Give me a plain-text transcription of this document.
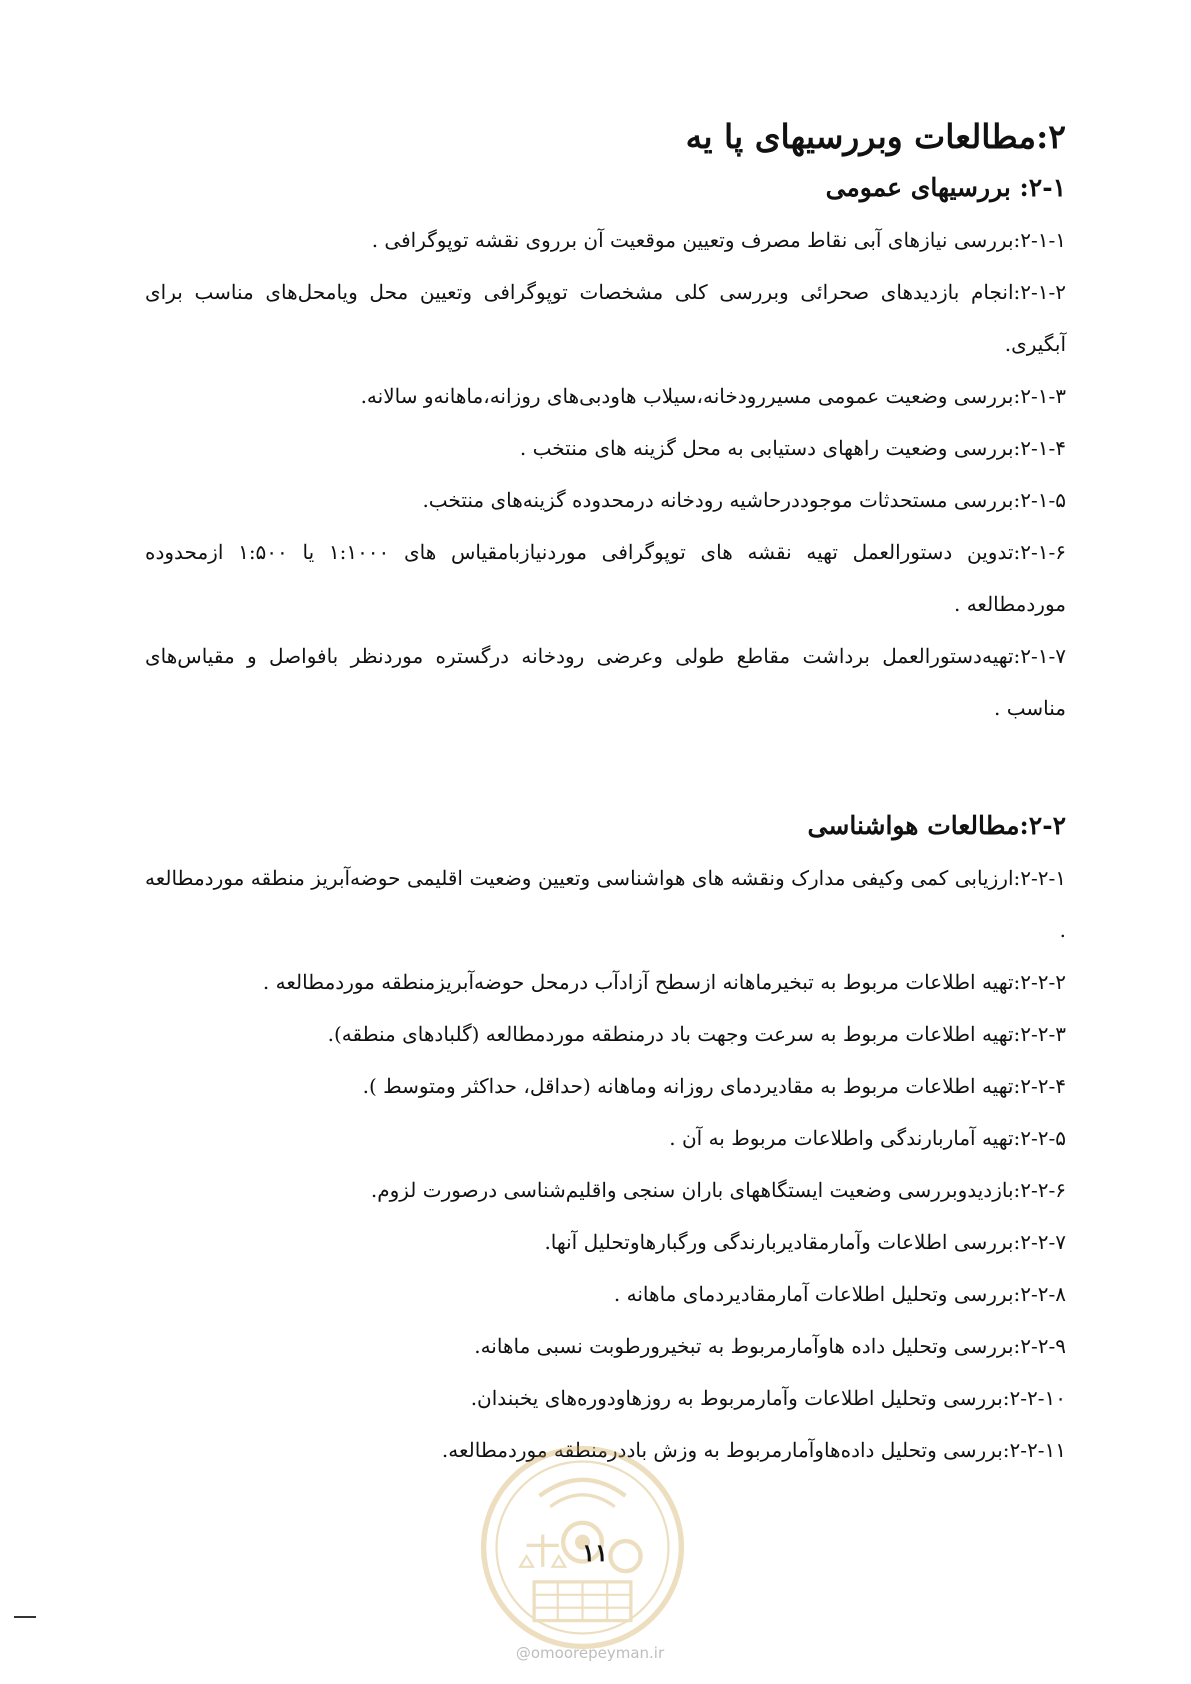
۲:مطالعات وبررسیهای پا یه
۲-۱: بررسیهای عمومی

۲-۱-۱:بررسی نیازهای آبی نقاط مصرف وتعیین موقعیت آن برروی نقشه توپوگرافی .

۲-۱-۲:انجام بازدیدهای صحرائی وبررسی کلی مشخصات توپوگرافی وتعیین محل ویامحل‌های مناسب برای آبگیری.

۲-۱-۳:بررسی وضعیت عمومی مسیررودخانه،سیلاب هاودبی‌های روزانه،ماهانه‌و سالانه.

۲-۱-۴:بررسی وضعیت راههای دستیابی به محل گزینه های منتخب .

۲-۱-۵:بررسی مستحدثات موجوددرحاشیه رودخانه درمحدوده گزینه‌های منتخب.

۲-۱-۶:تدوین دستورالعمل تهیه نقشه های توپوگرافی موردنیازبامقیاس های ۱:۱۰۰۰ یا ۱:۵۰۰ ازمحدوده موردمطالعه .

۲-۱-۷:تهیه‌دستورالعمل برداشت مقاطع طولی وعرضی رودخانه درگستره موردنظر بافواصل و مقیاس‌های مناسب .

۲-۲:مطالعات هواشناسی

۲-۲-۱:ارزیابی کمی وکیفی مدارک ونقشه های هواشناسی وتعیین وضعیت اقلیمی حوضه‌آبریز منطقه موردمطالعه .

۲-۲-۲:تهیه اطلاعات مربوط به تبخیرماهانه ازسطح آزادآب درمحل حوضه‌آبریزمنطقه موردمطالعه .

۲-۲-۳:تهیه اطلاعات مربوط به سرعت وجهت باد درمنطقه موردمطالعه (گلبادهای منطقه).

۲-۲-۴:تهیه اطلاعات مربوط به مقادیردمای روزانه وماهانه (حداقل، حداکثر ومتوسط ).

۲-۲-۵:تهیه آماربارندگی واطلاعات مربوط به آن .

۲-۲-۶:بازدیدوبررسی وضعیت ایستگاههای باران سنجی واقلیم‌شناسی درصورت لزوم.

۲-۲-۷:بررسی اطلاعات وآمارمقادیربارندگی ورگبارهاوتحلیل آنها.

۲-۲-۸:بررسی وتحلیل اطلاعات آمارمقادیردمای ماهانه .

۲-۲-۹:بررسی وتحلیل داده هاوآمارمربوط به تبخیرورطوبت نسبی ماهانه.

۲-۲-۱۰:بررسی وتحلیل اطلاعات وآمارمربوط به روزهاودوره‌های یخبندان.

۲-۲-۱۱:بررسی وتحلیل داده‌هاوآمارمربوط به وزش باددرمنطقه موردمطالعه.

۱۱
@omoorepeyman.ir
